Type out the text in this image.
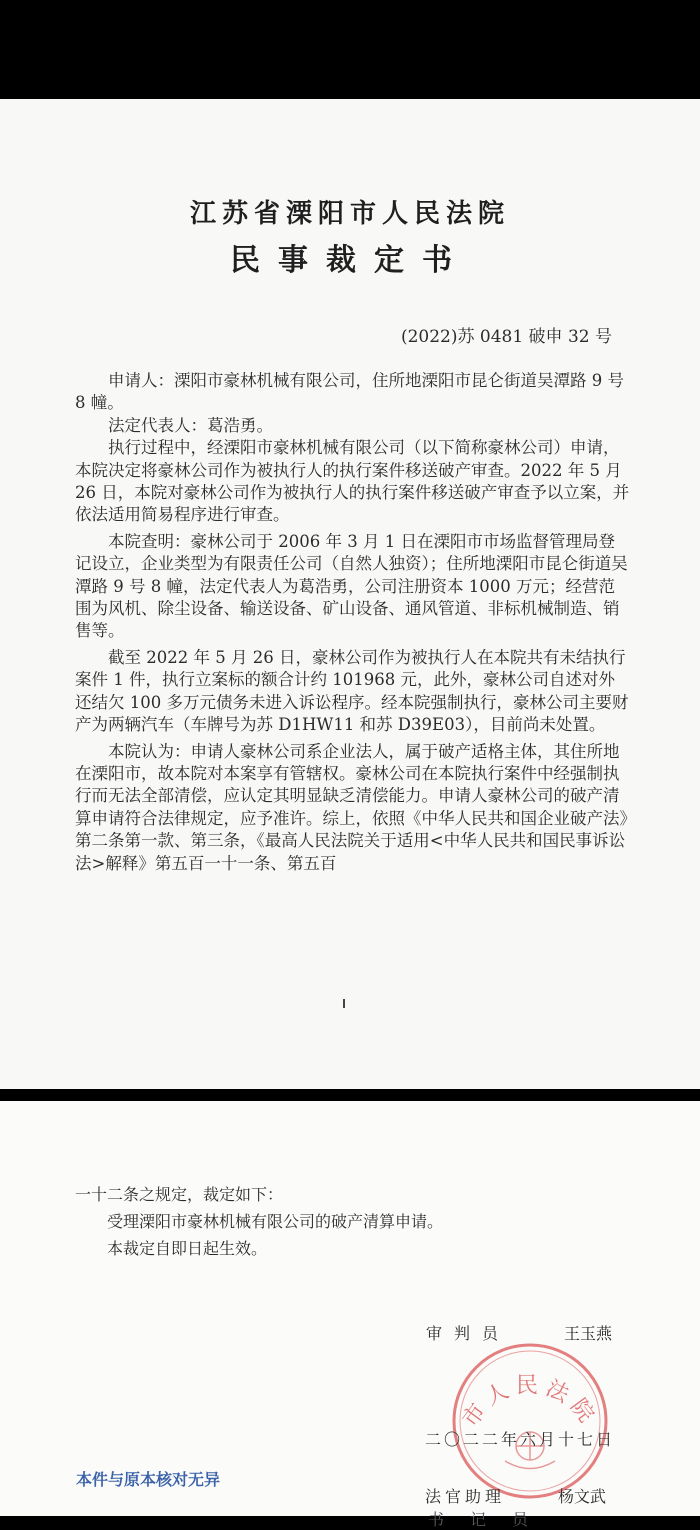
江苏省溧阳市人民法院
民事裁定书
(2022)苏 0481 破申 32 号

申请人：溧阳市豪林机械有限公司，住所地溧阳市昆仑街道吴潭路 9 号 8 幢。

法定代表人：葛浩勇。

执行过程中，经溧阳市豪林机械有限公司（以下简称豪林公司）申请，本院决定将豪林公司作为被执行人的执行案件移送破产审查。2022 年 5 月 26 日，本院对豪林公司作为被执行人的执行案件移送破产审查予以立案，并依法适用简易程序进行审查。

本院查明：豪林公司于 2006 年 3 月 1 日在溧阳市市场监督管理局登记设立，企业类型为有限责任公司（自然人独资）；住所地溧阳市昆仑街道吴潭路 9 号 8 幢，法定代表人为葛浩勇，公司注册资本 1000 万元；经营范围为风机、除尘设备、输送设备、矿山设备、通风管道、非标机械制造、销售等。

截至 2022 年 5 月 26 日，豪林公司作为被执行人在本院共有未结执行案件 1 件，执行立案标的额合计约 101968 元，此外，豪林公司自述对外还结欠 100 多万元债务未进入诉讼程序。经本院强制执行，豪林公司主要财产为两辆汽车（车牌号为苏 D1HW11 和苏 D39E03），目前尚未处置。

本院认为：申请人豪林公司系企业法人，属于破产适格主体，其住所地在溧阳市，故本院对本案享有管辖权。豪林公司在本院执行案件中经强制执行而无法全部清偿，应认定其明显缺乏清偿能力。申请人豪林公司的破产清算申请符合法律规定，应予准许。综上，依照《中华人民共和国企业破产法》第二条第一款、第三条，《最高人民法院关于适用<中华人民共和国民事诉讼法>解释》第五百一十一条、第五百

一十二条之规定，裁定如下：

受理溧阳市豪林机械有限公司的破产清算申请。

本裁定自即日起生效。

市人民法院
审判员	王玉燕
二〇二二年六月十七日
法官助理	杨文武
书记员
本件与原本核对无异
